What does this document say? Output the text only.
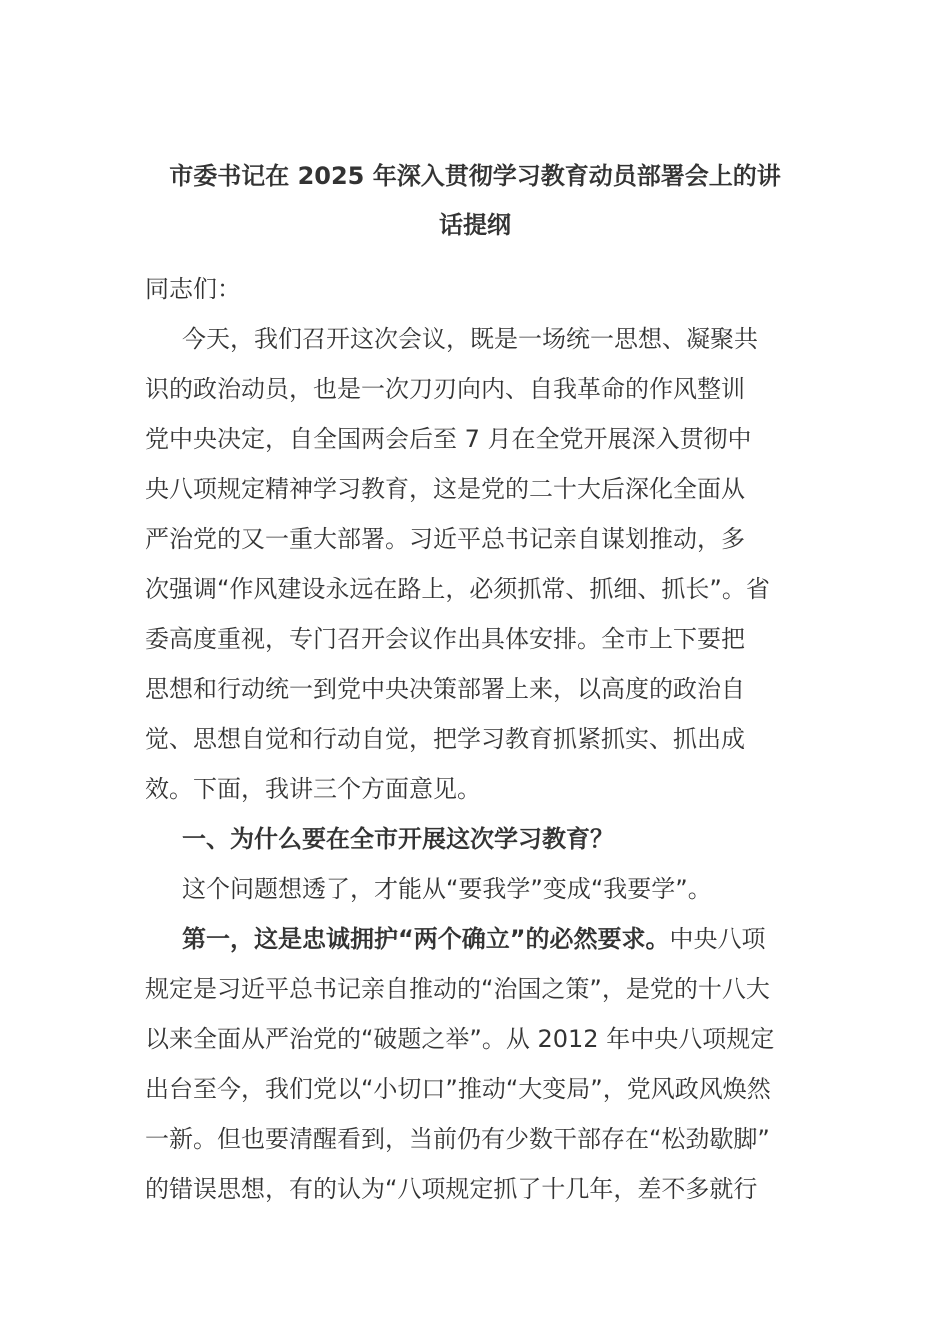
市委书记在 2025 年深入贯彻学习教育动员部署会上的讲
话提纲
同志们：
今天，我们召开这次会议，既是一场统一思想、凝聚共
识的政治动员，也是一次刀刃向内、自我革命的作风整训
党中央决定，自全国两会后至 7 月在全党开展深入贯彻中
央八项规定精神学习教育，这是党的二十大后深化全面从
严治党的又一重大部署。习近平总书记亲自谋划推动，多
次强调“作风建设永远在路上，必须抓常、抓细、抓长”。省
委高度重视，专门召开会议作出具体安排。全市上下要把
思想和行动统一到党中央决策部署上来，以高度的政治自
觉、思想自觉和行动自觉，把学习教育抓紧抓实、抓出成
效。下面，我讲三个方面意见。
一、为什么要在全市开展这次学习教育？
这个问题想透了，才能从“要我学”变成“我要学”。
第一，这是忠诚拥护“两个确立”的必然要求。中央八项
规定是习近平总书记亲自推动的“治国之策”，是党的十八大
以来全面从严治党的“破题之举”。从 2012 年中央八项规定
出台至今，我们党以“小切口”推动“大变局”，党风政风焕然
一新。但也要清醒看到，当前仍有少数干部存在“松劲歇脚”
的错误思想，有的认为“八项规定抓了十几年，差不多就行
